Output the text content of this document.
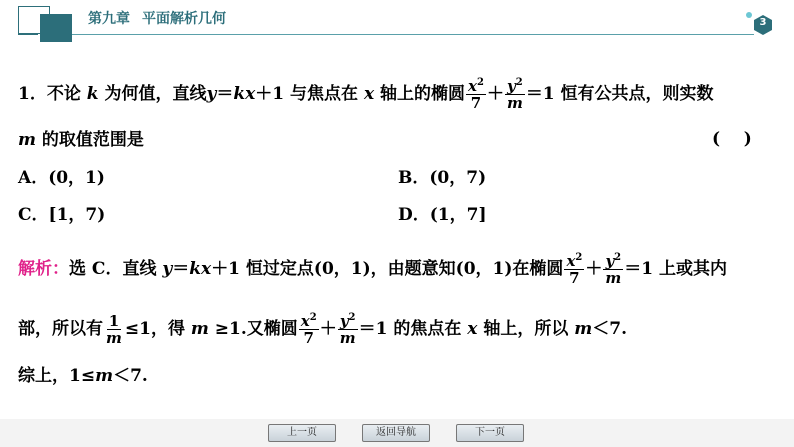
第九章 平面解析几何	3
1．不论 k 为何值，直线y＝kx＋1 与焦点在 x 轴上的椭圆 $\frac{x^2}{7} + \frac{y^2}{m} =1$ 恒有公共点，则实数
m 的取值范围是	(    )
A．(0，1)	B．(0，7)
C．[1，7)	D．(1，7]
解析：选 C．直线 y＝kx＋1 恒过定点(0，1)，由题意知(0，1)在椭圆 $\frac{x^2}{7} + \frac{y^2}{m} =1$ 上或其内
部，所以有 $\frac{1}{m} \le 1$，得 m ≥1.又椭圆 $\frac{x^2}{7} + \frac{y^2}{m} =1$ 的焦点在 x 轴上，所以 m＜7.
综上，1≤m＜7.
上一页	返回导航	下一页
